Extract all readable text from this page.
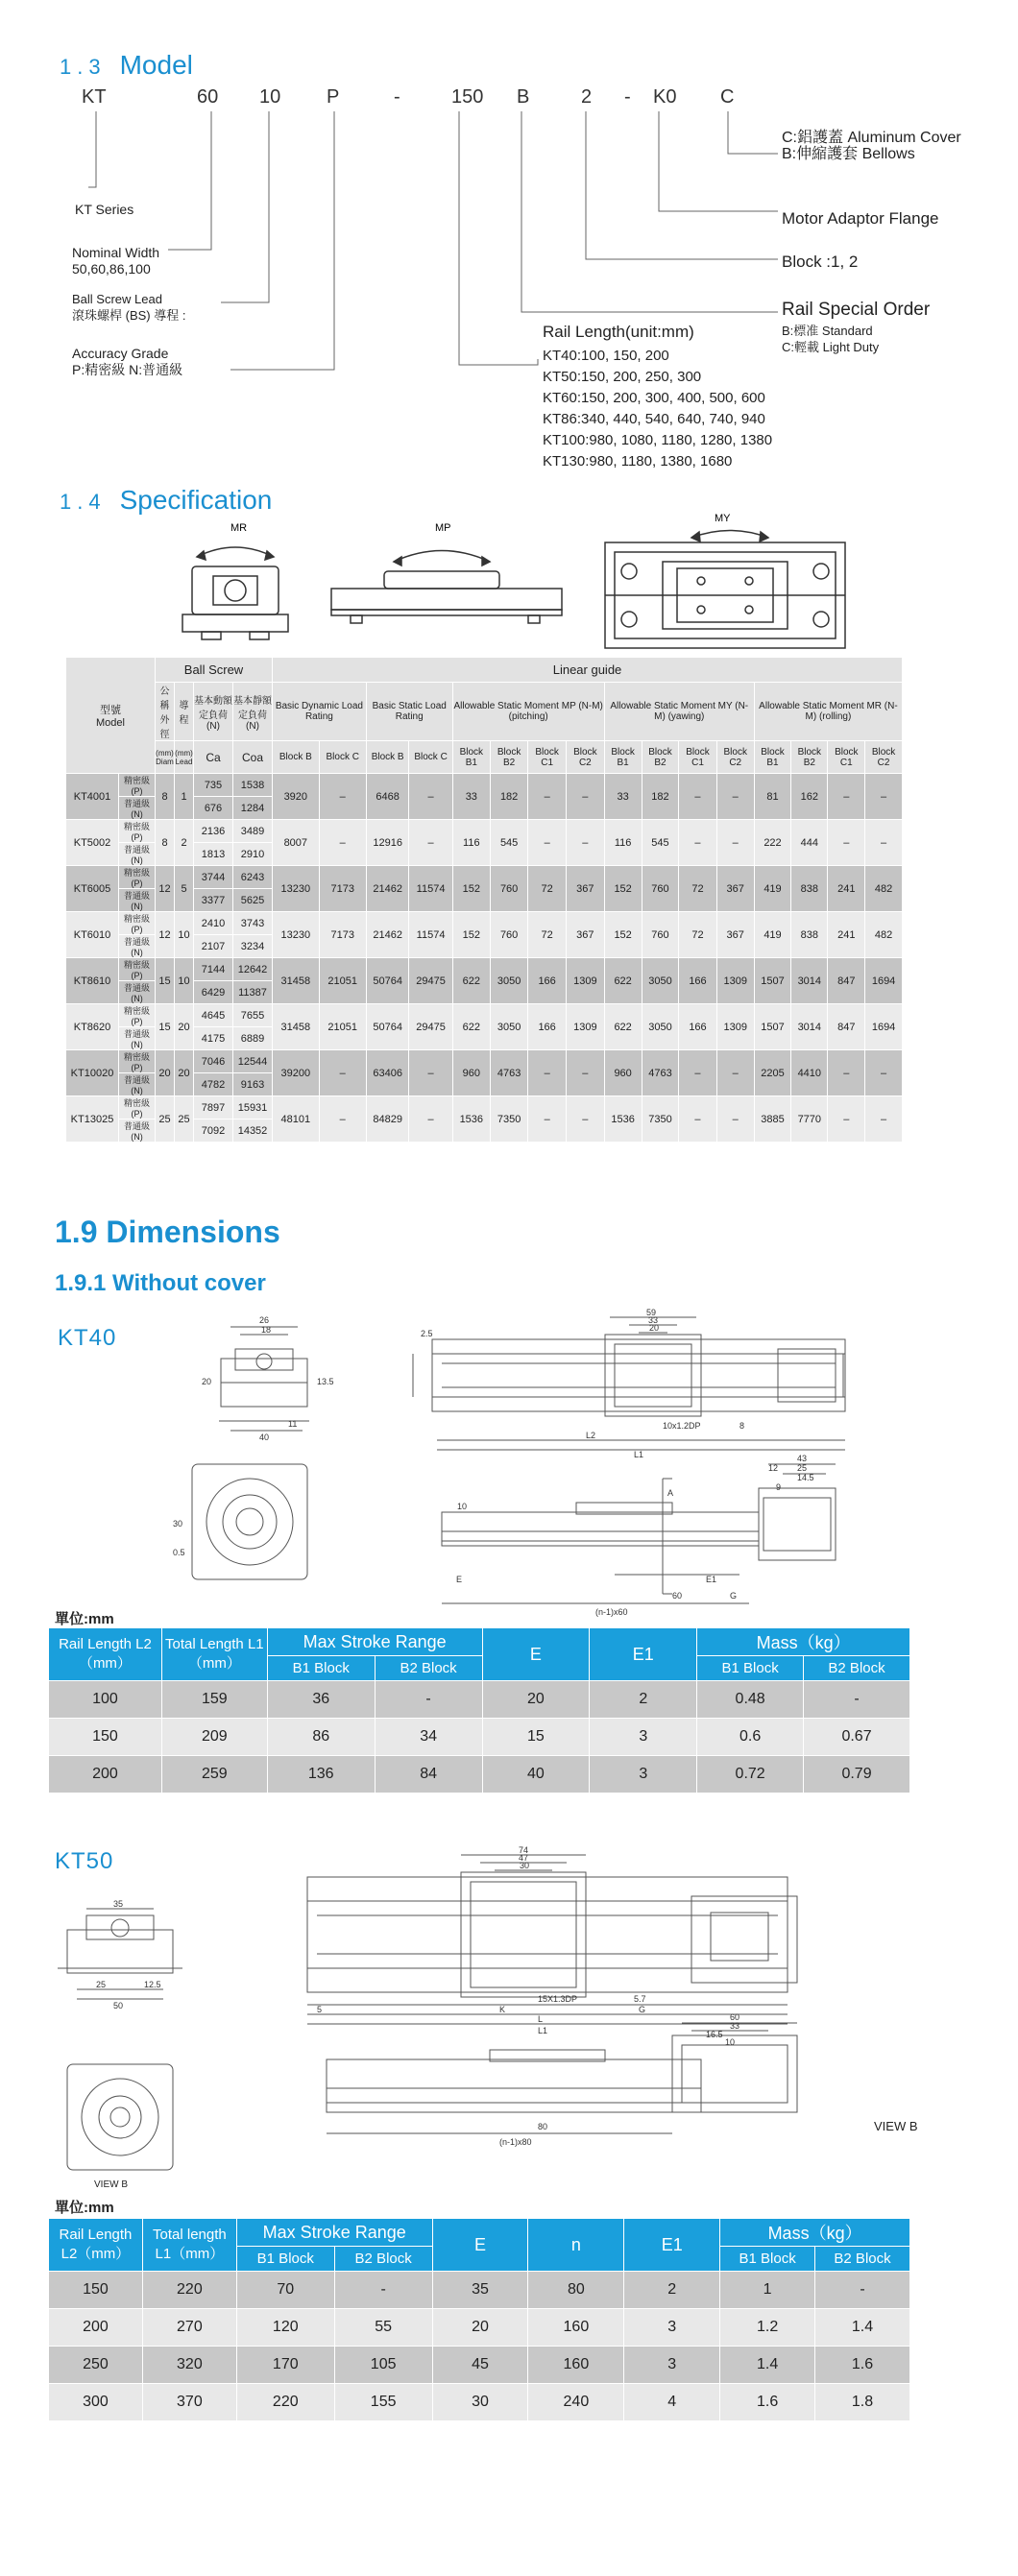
1.3 Model
KT	60 10 P	-	150 B	2 - K0 C
KT Series
Nominal Width
50,60,86,100
Ball Screw Lead
滾珠螺桿 (BS) 導程 :
Accuracy Grade
P:精密級 N:普通級
C:鋁護蓋 Aluminum Cover
B:伸縮護套 Bellows
Motor Adaptor Flange
Block :1, 2
Rail Special Order
B:標准 Standard
C:輕載 Light Duty
Rail Length(unit:mm)
KT40:100, 150, 200
KT50:150, 200, 250, 300
KT60:150, 200, 300, 400, 500, 600
KT86:340, 440, 540, 640, 740, 940
KT100:980, 1080, 1180, 1280, 1380
KT130:980, 1180, 1380, 1680
1.4 Specification
MR	MP
MY
型號
Model		Ball Screw				Linear guide															
		公稱外徑	導程	基本動額定負荷(N)	基本靜額定負荷(N)	Basic Dynamic Load Rating		Basic Static Load Rating		Allowable Static Moment MP (N-M) (pitching)				Allowable Static Moment MY (N-M) (yawing)				Allowable Static Moment MR (N-M) (rolling)			
		(mm) Diam	(mm) Lead	Ca	Coa	Block B	Block C	Block B	Block C	Block B1	Block B2	Block C1	Block C2	Block B1	Block B2	Block C1	Block C2	Block B1	Block B2	Block C1	Block C2
KT4001	精密級(P)	8	1	735	1538	3920	–	6468	–	33	182	–	–	33	182	–	–	81	162	–	–
	普通級(N)			676	1284																
KT5002	精密級(P)	8	2	2136	3489	8007	–	12916	–	116	545	–	–	116	545	–	–	222	444	–	–
	普通級(N)			1813	2910																
KT6005	精密級(P)	12	5	3744	6243	13230	7173	21462	11574	152	760	72	367	152	760	72	367	419	838	241	482
	普通級(N)			3377	5625																
KT6010	精密級(P)	12	10	2410	3743	13230	7173	21462	11574	152	760	72	367	152	760	72	367	419	838	241	482
	普通級(N)			2107	3234																
KT8610	精密級(P)	15	10	7144	12642	31458	21051	50764	29475	622	3050	166	1309	622	3050	166	1309	1507	3014	847	1694
	普通級(N)			6429	11387																
KT8620	精密級(P)	15	20	4645	7655	31458	21051	50764	29475	622	3050	166	1309	622	3050	166	1309	1507	3014	847	1694
	普通級(N)			4175	6889																
KT10020	精密級(P)	20	20	7046	12544	39200	–	63406	–	960	4763	–	–	960	4763	–	–	2205	4410	–	–
	普通級(N)			4782	9163																
KT13025	精密級(P)	25	25	7897	15931	48101	–	84829	–	1536	7350	–	–	1536	7350	–	–	3885	7770	–	–
	普通級(N)			7092	14352																
1.9 Dimensions
1.9.1 Without cover
KT40
26
18
20	13.5
11
40
59
33
20
2.5
10x1.2DP	8
L2
L1
10
43
12 25
14.5
9
30
0.5
60	G
A
(n-1)x60
E	E1
單位:mm
Rail Length L2（mm）	Total Length L1（mm）	Max Stroke Range		E	E1	Mass（kg）	
		B1 Block	B2 Block			B1 Block	B2 Block
100	159	36	-	20	2	0.48	-
150	209	86	34	15	3	0.6	0.67
200	259	136	84	40	3	0.72	0.79
KT50	74
47
30
K
L
L1
15X1.3DP	5.7
G
5
60
33
16.5
10
80
(n-1)x80
35
25	12.5
50
VIEW B
VIEW B
單位:mm
Rail Length L2（mm）	Total length L1（mm）	Max Stroke Range		E	n	E1	Mass（kg）	
		B1 Block	B2 Block				B1 Block	B2 Block
150	220	70	-	35	80	2	1	-
200	270	120	55	20	160	3	1.2	1.4
250	320	170	105	45	160	3	1.4	1.6
300	370	220	155	30	240	4	1.6	1.8
